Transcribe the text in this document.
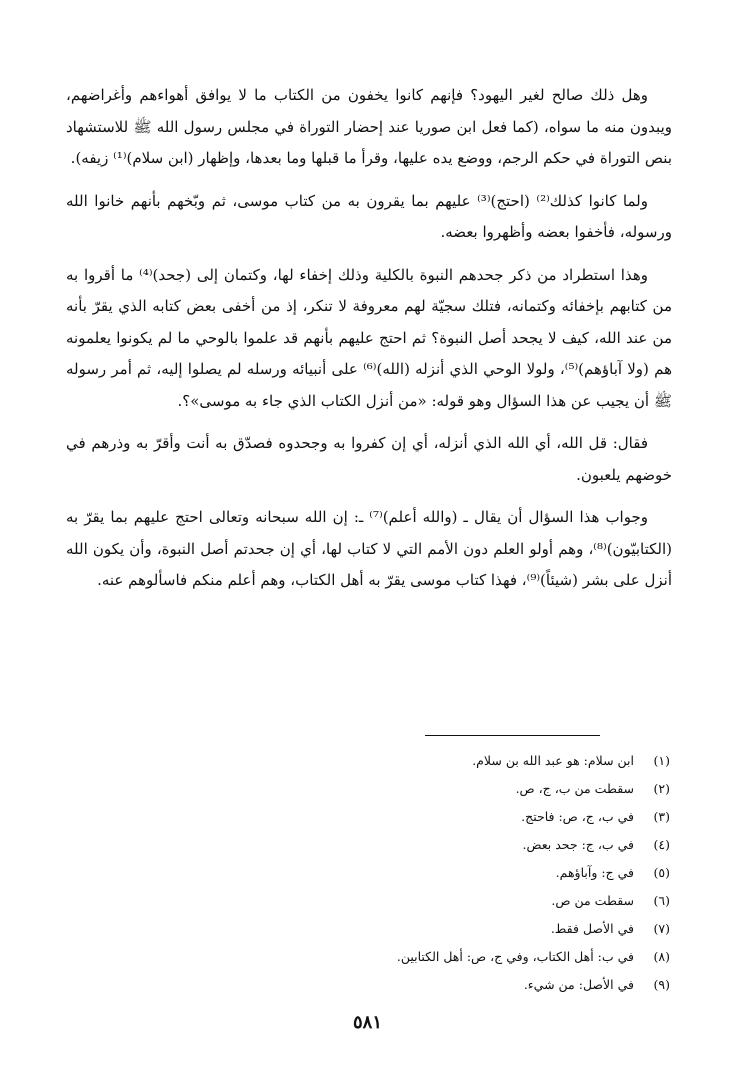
وهل ذلك صالح لغير اليهود؟ فإنهم كانوا يخفون من الكتاب ما لا يوافق أهواءهم وأغراضهم، ويبدون منه ما سواه، (كما فعل ابن صوريا عند إحضار التوراة في مجلس رسول الله ﷺ للاستشهاد بنص التوراة في حكم الرجم، ووضع يده عليها، وقرأ ما قبلها وما بعدها، وإظهار (ابن سلام)⁽¹⁾ زيفه).

ولما كانوا كذلك⁽²⁾ (احتج)⁽³⁾ عليهم بما يقرون به من كتاب موسى، ثم وبّخهم بأنهم خانوا الله ورسوله، فأخفوا بعضه وأظهروا بعضه.

وهذا استطراد من ذكر جحدهم النبوة بالكلية وذلك إخفاء لها، وكتمان إلى (جحد)⁽⁴⁾ ما أقروا به من كتابهم بإخفائه وكتمانه، فتلك سجيّة لهم معروفة لا تنكر، إذ من أخفى بعض كتابه الذي يقرّ بأنه من عند الله، كيف لا يجحد أصل النبوة؟ ثم احتج عليهم بأنهم قد علموا بالوحي ما لم يكونوا يعلمونه هم (ولا آباؤهم)⁽⁵⁾، ولولا الوحي الذي أنزله (الله)⁽⁶⁾ على أنبيائه ورسله لم يصلوا إليه، ثم أمر رسوله ﷺ أن يجيب عن هذا السؤال وهو قوله: «من أنزل الكتاب الذي جاء به موسى»؟.

فقال: قل الله، أي الله الذي أنزله، أي إن كفروا به وجحدوه فصدّق به أنت وأقرّ به وذرهم في خوضهم يلعبون.

وجواب هذا السؤال أن يقال ـ (والله أعلم)⁽⁷⁾ ـ: إن الله سبحانه وتعالى احتج عليهم بما يقرّ به (الكتابيّون)⁽⁸⁾، وهم أولو العلم دون الأمم التي لا كتاب لها، أي إن جحدتم أصل النبوة، وأن يكون الله أنزل على بشر (شيئاً)⁽⁹⁾، فهذا كتاب موسى يقرّ به أهل الكتاب، وهم أعلم منكم فاسألوهم عنه.

(١)ابن سلام: هو عبد الله بن سلام.
(٢)سقطت من ب، ج، ص.
(٣)في ب، ج، ص: فاحتج.
(٤)في ب، ج: جحد بعض.
(٥)في ج: وآباؤهم.
(٦)سقطت من ص.
(٧)في الأصل فقط.
(٨)في ب: أهل الكتاب، وفي ج، ص: أهل الكتابين.
(٩)في الأصل: من شيء.
٥٨١
